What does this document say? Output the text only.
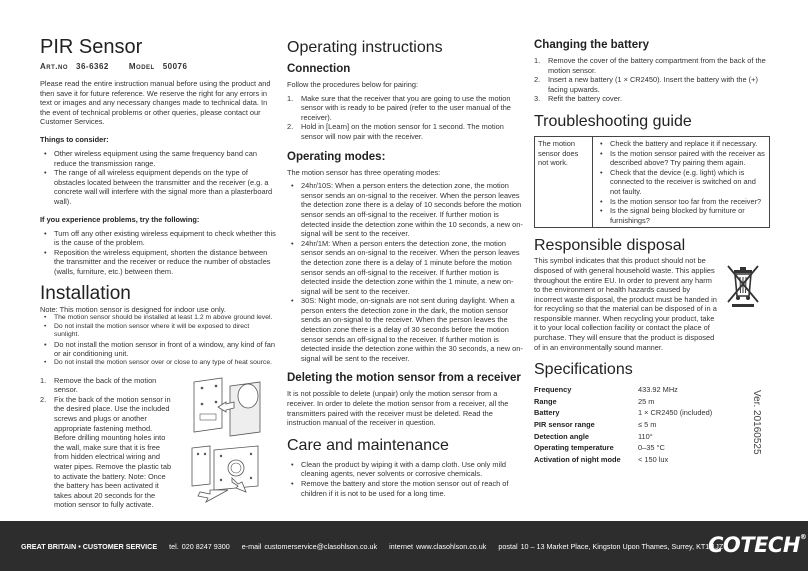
PIR Sensor
Art.no 36-6362	Model 50076

Please read the entire instruction manual before using the product and then save it for future reference. We reserve the right for any errors in text or images and any necessary changes made to technical data. In the event of technical problems or other queries, please contact our Customer Services.

Things to consider:
• Other wireless equipment using the same frequency band can reduce the transmission range.
• The range of all wireless equipment depends on the type of obstacles located between the transmitter and the receiver (e.g. a concrete wall will interfere with the signal more than a plasterboard wall).
If you experience problems, try the following:
• Turn off any other existing wireless equipment to check whether this is the cause of the problem.
• Reposition the wireless equipment, shorten the distance between the transmitter and the receiver or reduce the number of obstacles (walls, furniture, etc.) between them.
Installation

Note: This motion sensor is designed for indoor use only.

• The motion sensor should be installed at least 1.2 m above ground level.
• Do not install the motion sensor where it will be exposed to direct sunlight.
• Do not install the motion sensor in front of a window, any kind of fan or air conditioning unit.
• Do not install the motion sensor over or close to any type of heat source.
1. Remove the back of the motion sensor.
2. Fix the back of the motion sensor in the desired place. Use the included screws and plugs or another appropriate fastening method. Before drilling mounting holes into the wall, make sure that it is free from hidden electrical wiring and water pipes. Remove the plastic tab to activate the battery. Note: Once the battery has been activated it takes about 20 seconds for the motion sensor to fully activate.
Operating instructions
Connection

Follow the procedures below for pairing:

1. Make sure that the receiver that you are going to use the motion sensor with is ready to be paired (refer to the user manual of the receiver).
2. Hold in [Learn] on the motion sensor for 1 second. The motion sensor will now pair with the receiver.
Operating modes:

The motion sensor has three operating modes:

• 24hr/10S: When a person enters the detection zone, the motion sensor sends an on-signal to the receiver. When the person leaves the detection zone there is a delay of 10 seconds before the motion sensor sends an off-signal to the receiver. If further motion is detected inside the detection zone within the 10 seconds, a new on-signal will be sent to the receiver.
• 24hr/1M: When a person enters the detection zone, the motion sensor sends an on-signal to the receiver. When the person leaves the detection zone there is a delay of 1 minute before the motion sensor sends an off-signal to the receiver. If further motion is detected inside the detection zone within the 1 minute, a new on-signal will be sent to the receiver.
• 30S: Night mode, on-signals are not sent during daylight. When a person enters the detection zone in the dark, the motion sensor sends an on-signal to the receiver. When the person leaves the detection zone there is a delay of 30 seconds before the motion sensor sends an off-signal to the receiver. If further motion is detected inside the detection zone within the 30 seconds, a new on-signal will be sent to the receiver.
Deleting the motion sensor from a receiver

It is not possible to delete (unpair) only the motion sensor from a receiver. In order to delete the motion sensor from a receiver, all the transmitters paired with the receiver must be deleted. Read the instruction manual of the receiver in question.

Care and maintenance
• Clean the product by wiping it with a damp cloth. Use only mild cleaning agents, never solvents or corrosive chemicals.
• Remove the battery and store the motion sensor out of reach of children if it is not to be used for a long time.
Changing the battery
1. Remove the cover of the battery compartment from the back of the motion sensor.
2. Insert a new battery (1 × CR2450). Insert the battery with the (+) facing upwards.
3. Refit the battery cover.
Troubleshooting guide
The motion sensor does not work.	
• Check the battery and replace it if necessary.
• Is the motion sensor paired with the receiver as described above? Try pairing them again.
• Check that the device (e.g. light) which is connected to the receiver is switched on and not faulty.
• Is the motion sensor too far from the receiver?
• Is the signal being blocked by furniture or furnishings?
Responsible disposal

This symbol indicates that this product should not be disposed of with general household waste. This applies throughout the entire EU. In order to prevent any harm to the environment or health hazards caused by incorrect waste disposal, the product must be handed in for recycling so that the material can be disposed of in a responsible manner. When recycling your product, take it to your local collection facility or contact the place of purchase. They will ensure that the product is disposed of in an environmentally sound manner.

Specifications
Frequency	433.92 MHz
Range	25 m
Battery	1 × CR2450 (included)
PIR sensor range	≤ 5 m
Detection angle	110°
Operating temperature	0–35 °C
Activation of night mode	< 150 lux
Ver. 20160525
GREAT BRITAIN • CUSTOMER SERVICE tel. 020 8247 9300 e-mail customerservice@clasohlson.co.uk internet www.clasohlson.co.uk postal 10 – 13 Market Place, Kingston Upon Thames, Surrey, KT1 1JZ
COTECH®
